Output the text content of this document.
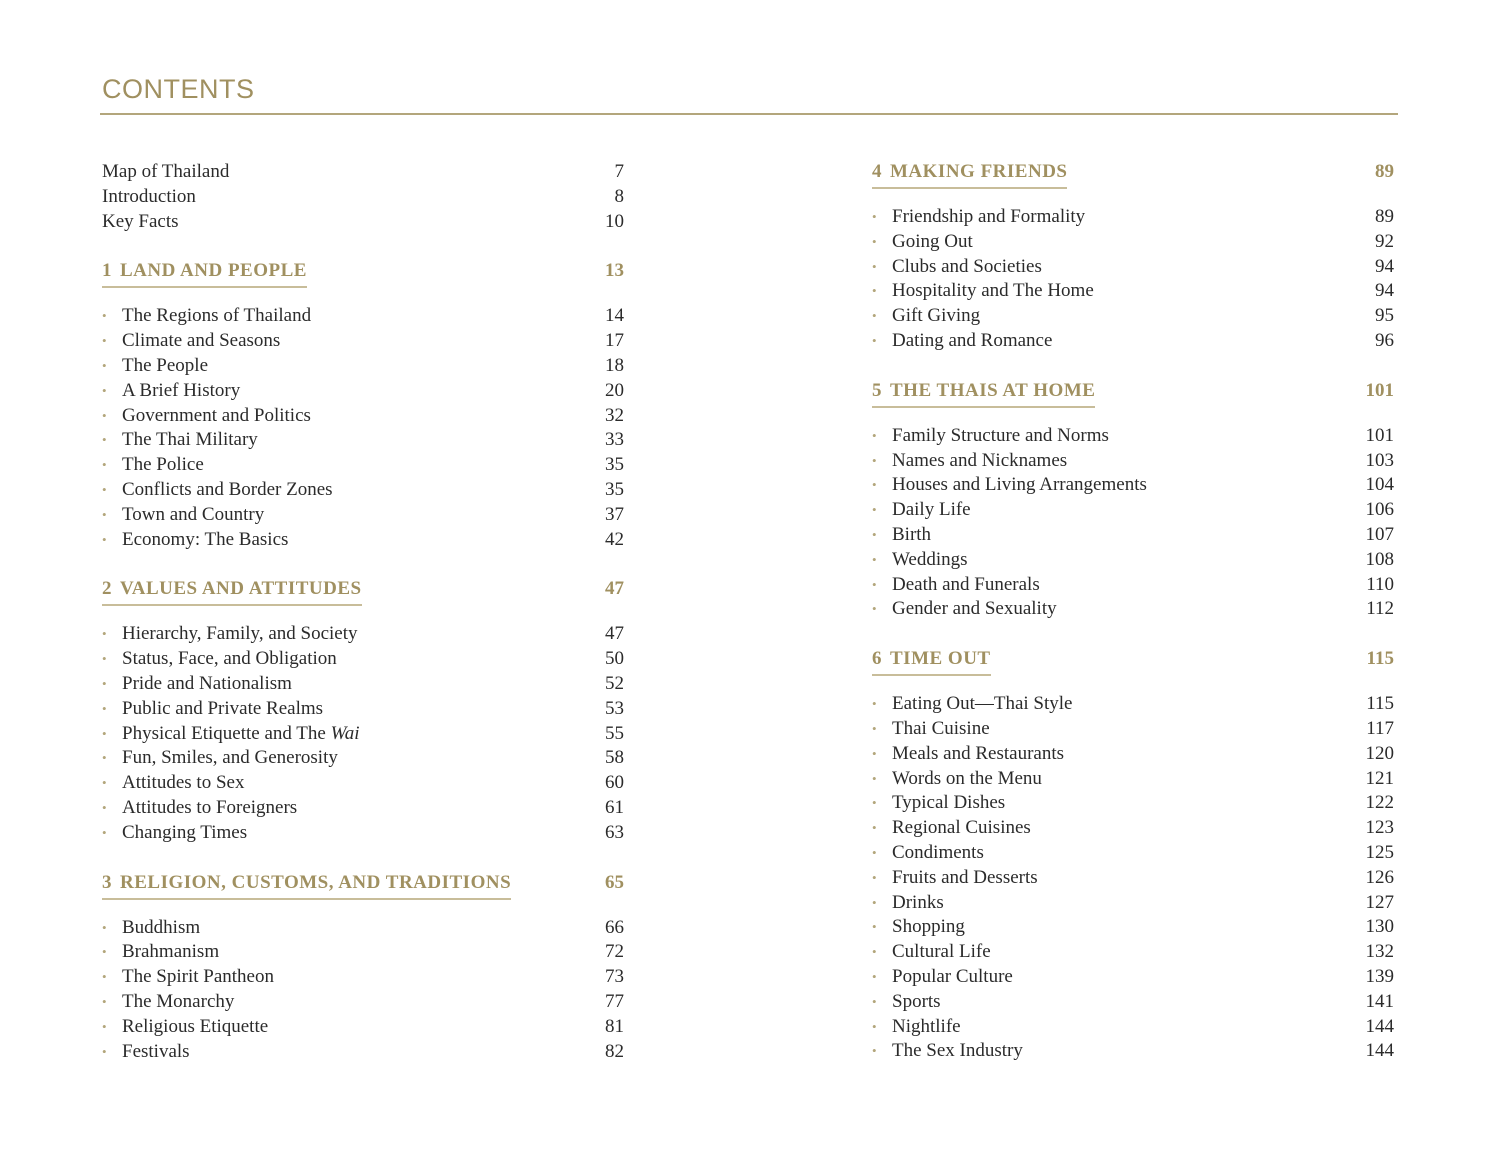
CONTENTS
Map of Thailand	7
Introduction	8
Key Facts	10
1 LAND AND PEOPLE	13
• The Regions of Thailand	14
• Climate and Seasons	17
• The People	18
• A Brief History	20
• Government and Politics	32
• The Thai Military	33
• The Police	35
• Conflicts and Border Zones	35
• Town and Country	37
• Economy: The Basics	42
2 VALUES AND ATTITUDES	47
• Hierarchy, Family, and Society	47
• Status, Face, and Obligation	50
• Pride and Nationalism	52
• Public and Private Realms	53
• Physical Etiquette and The Wai	55
• Fun, Smiles, and Generosity	58
• Attitudes to Sex	60
• Attitudes to Foreigners	61
• Changing Times	63
3 RELIGION, CUSTOMS, AND TRADITIONS	65
• Buddhism	66
• Brahmanism	72
• The Spirit Pantheon	73
• The Monarchy	77
• Religious Etiquette	81
• Festivals	82
4 MAKING FRIENDS	89
• Friendship and Formality	89
• Going Out	92
• Clubs and Societies	94
• Hospitality and The Home	94
• Gift Giving	95
• Dating and Romance	96
5 THE THAIS AT HOME	101
• Family Structure and Norms	101
• Names and Nicknames	103
• Houses and Living Arrangements	104
• Daily Life	106
• Birth	107
• Weddings	108
• Death and Funerals	110
• Gender and Sexuality	112
6 TIME OUT	115
• Eating Out—Thai Style	115
• Thai Cuisine	117
• Meals and Restaurants	120
• Words on the Menu	121
• Typical Dishes	122
• Regional Cuisines	123
• Condiments	125
• Fruits and Desserts	126
• Drinks	127
• Shopping	130
• Cultural Life	132
• Popular Culture	139
• Sports	141
• Nightlife	144
• The Sex Industry	144
